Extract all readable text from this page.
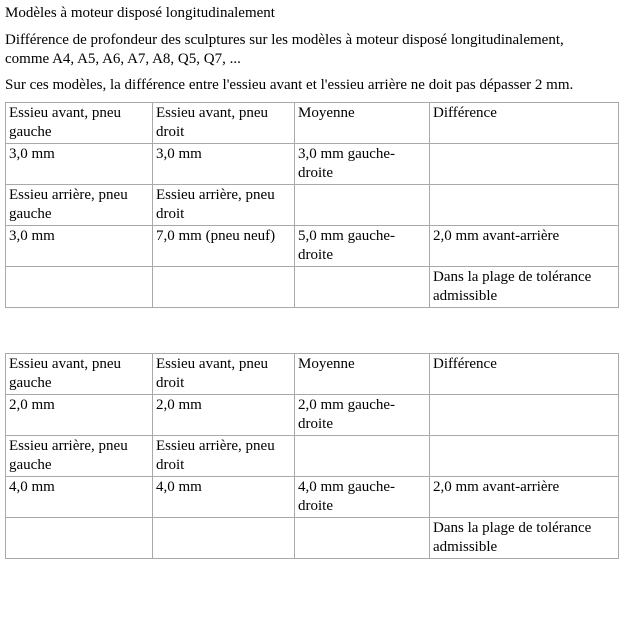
Modèles à moteur disposé longitudinalement

Différence de profondeur des sculptures sur les modèles à moteur disposé longitudinalement, comme A4, A5, A6, A7, A8, Q5, Q7, ...

Sur ces modèles, la différence entre l'essieu avant et l'essieu arrière ne doit pas dépasser 2 mm.

Essieu avant, pneu gauche	Essieu avant, pneu droit	Moyenne	Différence
3,0 mm	3,0 mm	3,0 mm gauche-droite	
Essieu arrière, pneu gauche	Essieu arrière, pneu droit		
3,0 mm	7,0 mm (pneu neuf)	5,0 mm gauche-droite	2,0 mm avant-arrière
			Dans la plage de tolérance admissible
Essieu avant, pneu gauche	Essieu avant, pneu droit	Moyenne	Différence
2,0 mm	2,0 mm	2,0 mm gauche-droite	
Essieu arrière, pneu gauche	Essieu arrière, pneu droit		
4,0 mm	4,0 mm	4,0 mm gauche-droite	2,0 mm avant-arrière
			Dans la plage de tolérance admissible
